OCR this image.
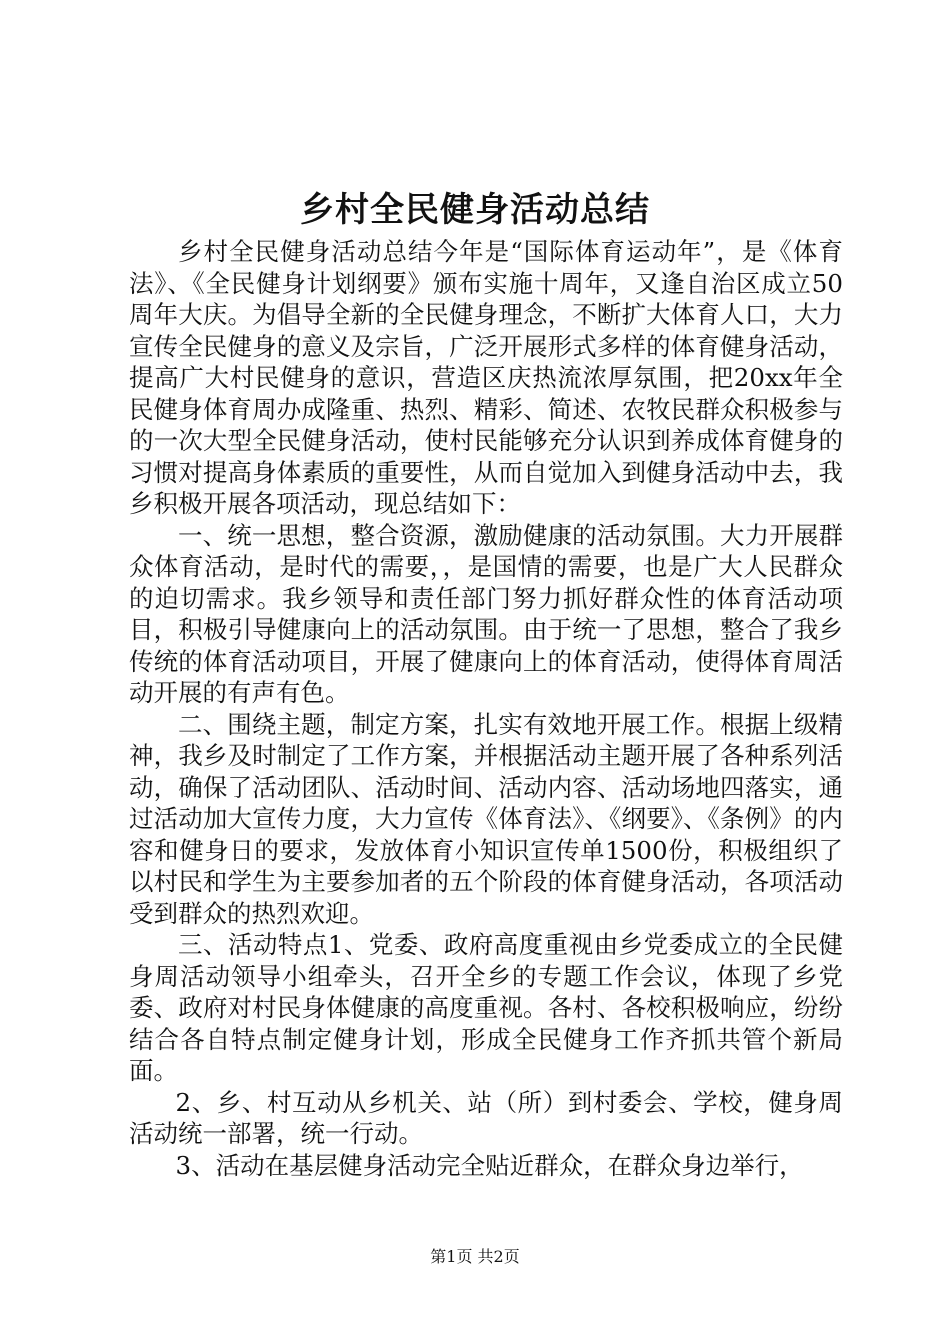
乡村全民健身活动总结

乡村全民健身活动总结今年是“国际体育运动年”，是《体育法》、《全民健身计划纲要》颁布实施十周年，又逢自治区成立50周年大庆。为倡导全新的全民健身理念，不断扩大体育人口，大力宣传全民健身的意义及宗旨，广泛开展形式多样的体育健身活动，提高广大村民健身的意识，营造区庆热流浓厚氛围，把20xx年全民健身体育周办成隆重、热烈、精彩、简述、农牧民群众积极参与的一次大型全民健身活动，使村民能够充分认识到养成体育健身的习惯对提高身体素质的重要性，从而自觉加入到健身活动中去，我乡积极开展各项活动，现总结如下：

一、统一思想，整合资源，激励健康的活动氛围。大力开展群众体育活动，是时代的需要，，是国情的需要，也是广大人民群众的迫切需求。我乡领导和责任部门努力抓好群众性的体育活动项目，积极引导健康向上的活动氛围。由于统一了思想，整合了我乡传统的体育活动项目，开展了健康向上的体育活动，使得体育周活动开展的有声有色。

二、围绕主题，制定方案，扎实有效地开展工作。根据上级精神，我乡及时制定了工作方案，并根据活动主题开展了各种系列活动，确保了活动团队、活动时间、活动内容、活动场地四落实，通过活动加大宣传力度，大力宣传《体育法》、《纲要》、《条例》的内容和健身日的要求，发放体育小知识宣传单1500份，积极组织了以村民和学生为主要参加者的五个阶段的体育健身活动，各项活动受到群众的热烈欢迎。

三、活动特点1、党委、政府高度重视由乡党委成立的全民健身周活动领导小组牵头，召开全乡的专题工作会议，体现了乡党委、政府对村民身体健康的高度重视。各村、各校积极响应，纷纷结合各自特点制定健身计划，形成全民健身工作齐抓共管个新局面。

2、乡、村互动从乡机关、站（所）到村委会、学校，健身周活动统一部署，统一行动。

3、活动在基层健身活动完全贴近群众，在群众身边举行，

第1页 共2页
